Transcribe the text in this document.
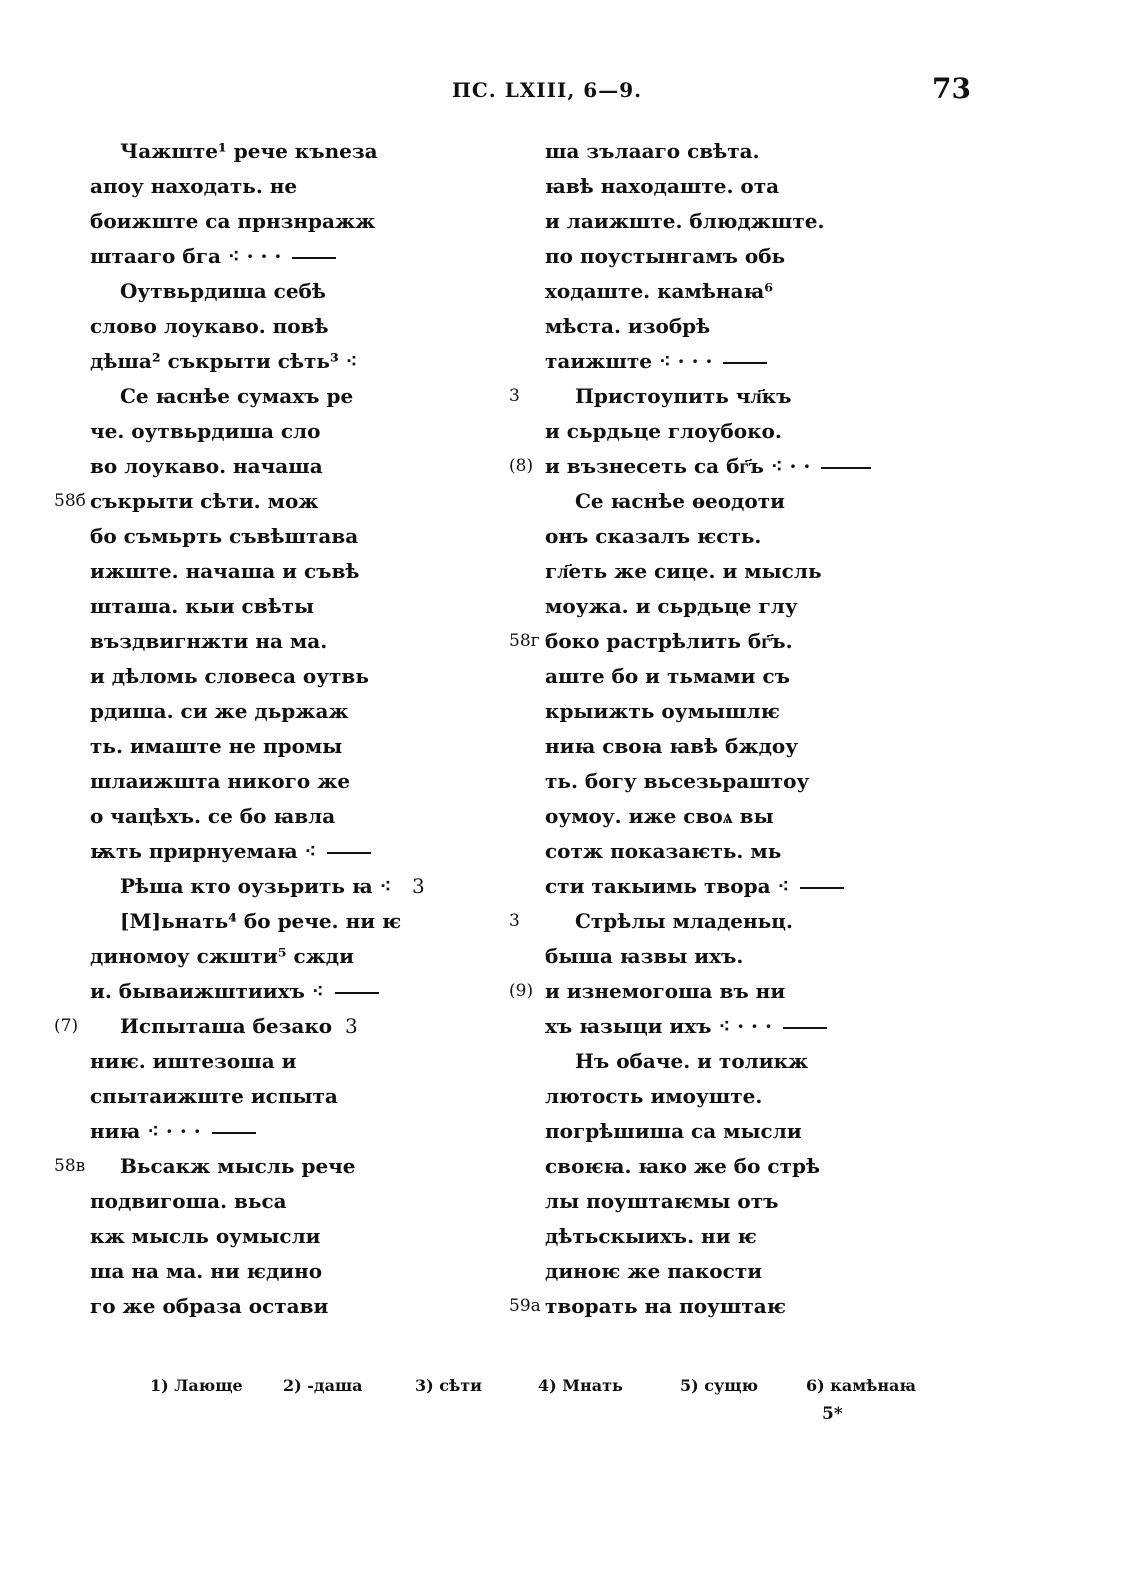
ПС. LXIII, 6—9.	73
Чажште¹ рече къneза
апоу находать. не
боижште са прнзнражж
штааго бга ⁖ · · ·
Оутвьрдиша себѣ
слово лоукаво. повѣ
дѣша² съкрыти сѣть³ ⁖
Се ꙗснѣе сумахъ ре
че. оутвьрдиша сло
во лоукаво. начаша
58б съкрыти сѣти. мож
бо съмьрть съвѣштава
ижште. начаша и съвѣ
шташа. кыи свѣты
въздвигнжти на ма.
и дѣломь словеса оутвь
рдиша. си же дьржаж
ть. имаште не промы
шлаижшта никого же
о чацѣхъ. се бо ꙗвла
ѭть прирнуемаꙗ ⁖
Рѣша кто оузьрить ꙗ ⁖ 3
[М]ьнать⁴ бо рече. ни ѥ
диномоу сжшти⁵ сжди
и. бываижштиихъ ⁖
(7) Испыташа безако 3
ниѥ. иштезоша и
спытаижште испыта
ниꙗ ⁖ · · ·
58в Вьсакж мысль рече
подвигоша. вьса
кж мысль оумысли
ша на ма. ни ѥдино
го же образа остави
ша зълааго свѣта.
ꙗвѣ находаште. ота
и лаижште. блюджште.
по поустынгамъ обь
ходаште. камѣнаꙗ⁶
мѣста. изобрѣ
таижште ⁖ · · ·
3	Пристоупить чл҃къ
и сьрдьце глоубоко.
(8) и възнесеть са бг҃ъ ⁖ · ·
Се ꙗснѣе ѳеодоти
онъ сказалъ ѥсть.
гл҃еть же сице. и мысль
моужа. и сьрдьце глу
58г боко растрѣлить бг҃ъ.
аште бо и тьмами съ
крыижть оумышлѥ
ниꙗ своꙗ ꙗвѣ бждоу
ть. богу вьсезьраштоу
оумоу. иже своѧ вы
сотж показаѥть. мь
сти такыимь твора ⁖
3	Стрѣлы младеньц.
быша ꙗзвы ихъ.
(9) и изнемогоша въ ни
хъ ꙗзыци ихъ ⁖ · · ·
Нъ обаче. и толикж
лютость имоуште.
погрѣшиша са мысли
своѥꙗ. ꙗко же бо стрѣ
лы поуштаѥмы отъ
дѣтьскыихъ. ни ѥ
диноѥ же пакости
59а творать на поуштаѥ
1) Лающе	2) -даша	3) сѣти	4) Мнать	5) сущю	6) камѣнаꙗ
5*
